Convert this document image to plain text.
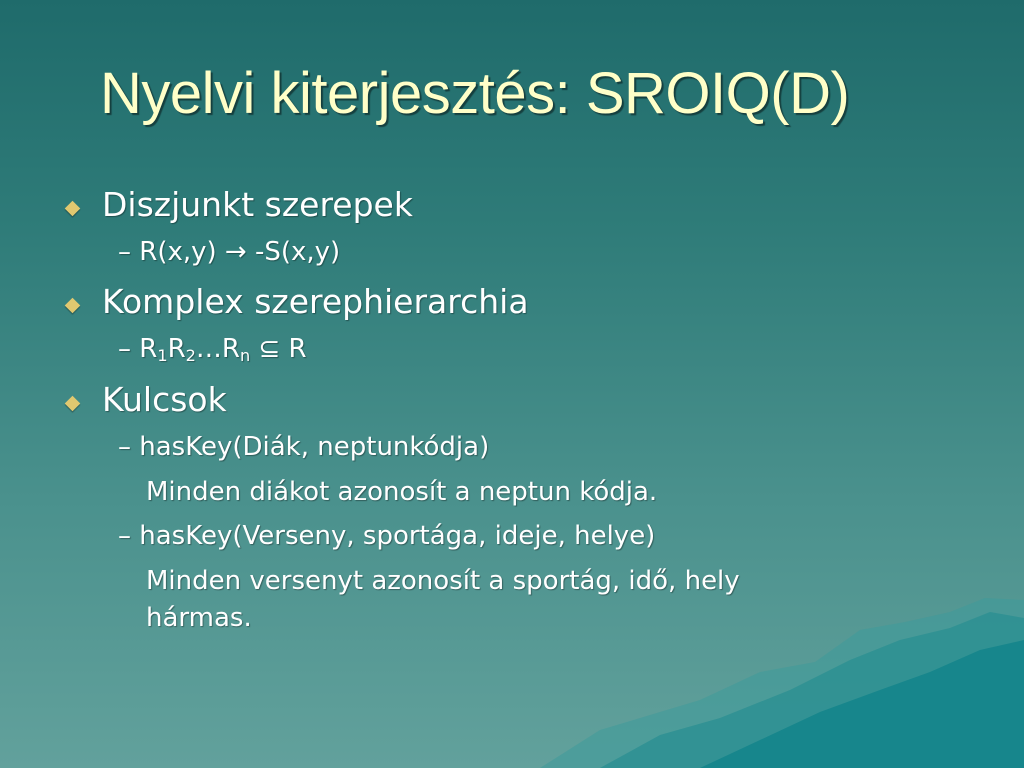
Nyelvi kiterjesztés: SROIQ(D)
Diszjunkt szerepek
– R(x,y) → -S(x,y)
Komplex szerephierarchia
– $R_1R_2\dots R_n$ ⊆ R
Kulcsok
– hasKey(Diák, neptunkódja)
Minden diákot azonosít a neptun kódja.
– hasKey(Verseny, sportága, ideje, helye)
Minden versenyt azonosít a sportág, idő, hely
hármas.
